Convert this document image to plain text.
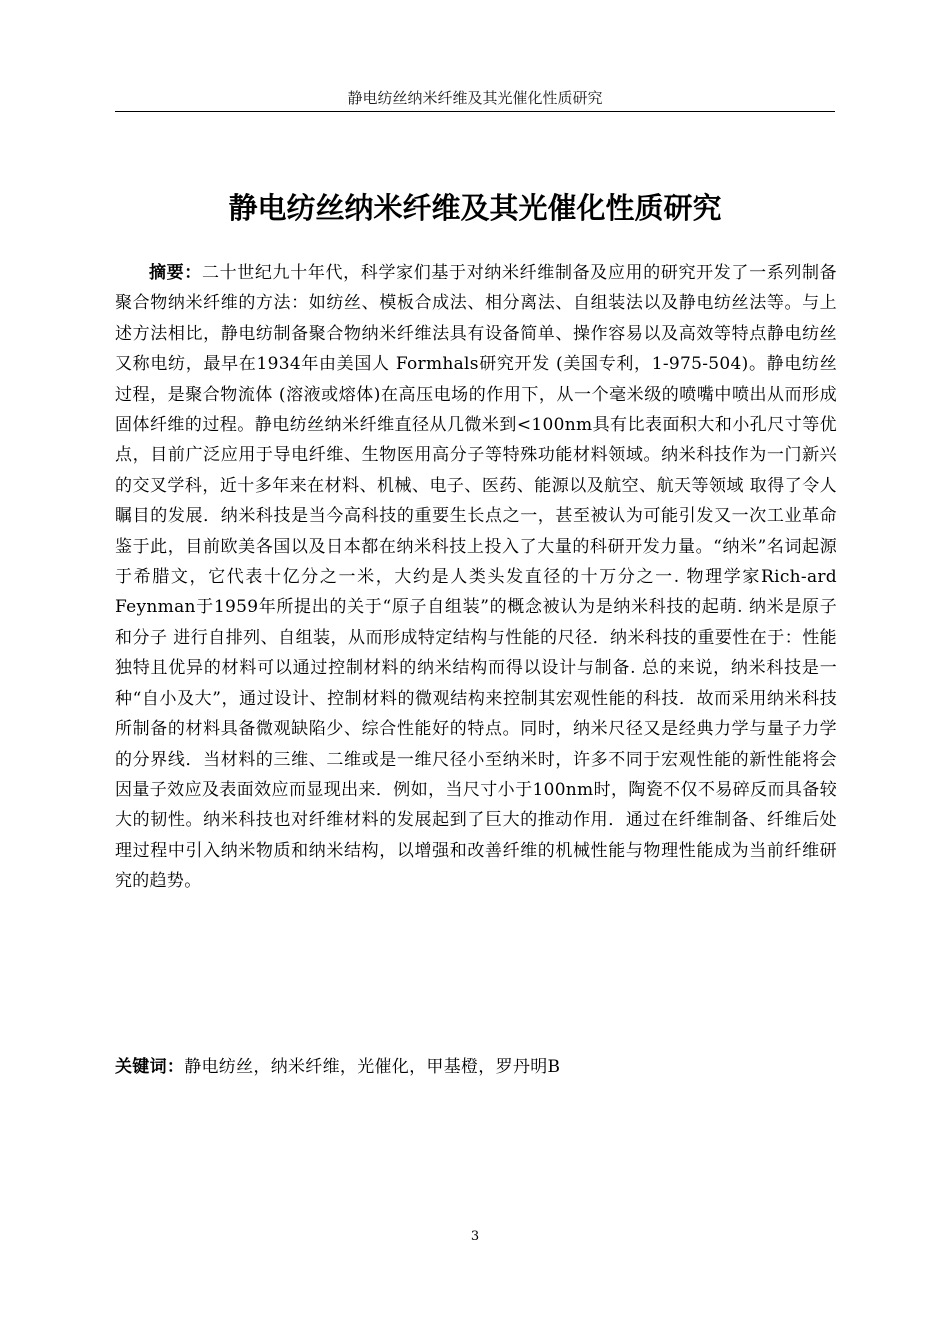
静电纺丝纳米纤维及其光催化性质研究
静电纺丝纳米纤维及其光催化性质研究

摘要：二十世纪九十年代，科学家们基于对纳米纤维制备及应用的研究开发了一系列制备聚合物纳米纤维的方法：如纺丝、模板合成法、相分离法、自组装法以及静电纺丝法等。与上述方法相比，静电纺制备聚合物纳米纤维法具有设备简单、操作容易以及高效等特点静电纺丝又称电纺，最早在1934年由美国人 Formhals研究开发 (美国专利，1-975-504)。静电纺丝过程，是聚合物流体 (溶液或熔体)在高压电场的作用下，从一个毫米级的喷嘴中喷出从而形成固体纤维的过程。静电纺丝纳米纤维直径从几微米到<100nm具有比表面积大和小孔尺寸等优点，目前广泛应用于导电纤维、生物医用高分子等特殊功能材料领域。纳米科技作为一门新兴的交叉学科，近十多年来在材料、机械、电子、医药、能源以及航空、航天等领域 取得了令人瞩目的发展．纳米科技是当今高科技的重要生长点之一，甚至被认为可能引发又一次工业革命鉴于此，目前欧美各国以及日本都在纳米科技上投入了大量的科研开发力量。“纳米”名词起源于希腊文，它代表十亿分之一米，大约是人类头发直径的十万分之一. 物理学家Rich-ard Feynman于1959年所提出的关于“原子自组装”的概念被认为是纳米科技的起萌. 纳米是原子和分子 进行自排列、自组装，从而形成特定结构与性能的尺径．纳米科技的重要性在于：性能独特且优异的材料可以通过控制材料的纳米结构而得以设计与制备. 总的来说，纳米科技是一种“自小及大”，通过设计、控制材料的微观结构来控制其宏观性能的科技．故而采用纳米科技所制备的材料具备微观缺陷少、综合性能好的特点。同时，纳米尺径又是经典力学与量子力学的分界线．当材料的三维、二维或是一维尺径小至纳米时，许多不同于宏观性能的新性能将会因量子效应及表面效应而显现出来．例如，当尺寸小于100nm时，陶瓷不仅不易碎反而具备较大的韧性。纳米科技也对纤维材料的发展起到了巨大的推动作用．通过在纤维制备、纤维后处理过程中引入纳米物质和纳米结构，以增强和改善纤维的机械性能与物理性能成为当前纤维研究的趋势。

关键词：静电纺丝，纳米纤维，光催化，甲基橙，罗丹明B

3
